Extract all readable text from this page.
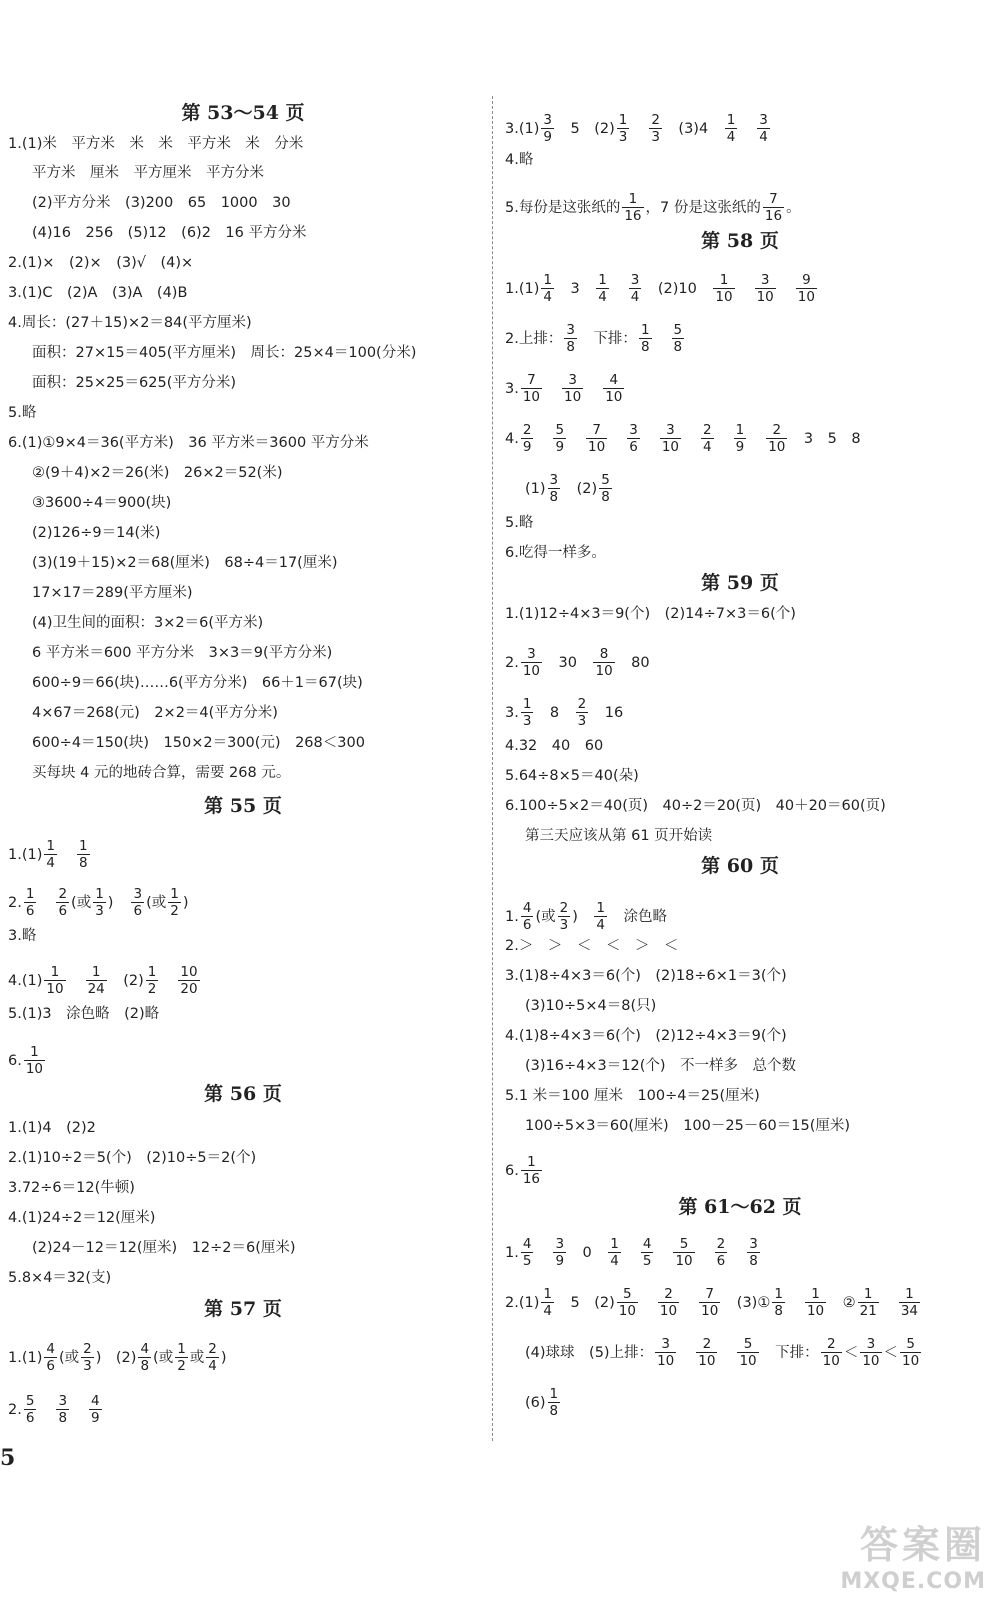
第 53～54 页
1.(1)米　平方米　米　米　平方米　米　分米
平方米　厘米　平方厘米　平方分米
(2)平方分米　(3)200　65　1000　30
(4)16　256　(5)12　(6)2　16 平方分米
2.(1)×　(2)×　(3)√　(4)×
3.(1)C　(2)A　(3)A　(4)B
4.周长：(27＋15)×2＝84(平方厘米)
面积：27×15＝405(平方厘米)　周长：25×4＝100(分米)
面积：25×25＝625(平方分米)
5.略
6.(1)①9×4＝36(平方米)　36 平方米＝3600 平方分米
②(9＋4)×2＝26(米)　26×2＝52(米)
③3600÷4＝900(块)
(2)126÷9＝14(米)
(3)(19＋15)×2＝68(厘米)　68÷4＝17(厘米)
17×17＝289(平方厘米)
(4)卫生间的面积：3×2＝6(平方米)
6 平方米＝600 平方分米　3×3＝9(平方分米)
600÷9＝66(块)……6(平方分米)　66＋1＝67(块)
4×67＝268(元)　2×2＝4(平方分米)
600÷4＝150(块)　150×2＝300(元)　268＜300
买每块 4 元的地砖合算，需要 268 元。
第 55 页
$1.(1) \frac{1}{4} \frac{1}{8}$
2. $\frac{1}{6} \frac{2}{6}$ (或 $\frac{1}{3}$ ) $\frac{3}{6}$ (或 $\frac{1}{2}$ )
3.略
$4.(1) \frac{1}{10} \frac{1}{24}$ 　$(2) \frac{1}{2} \frac{10}{20}$
5.(1)3　涂色略　(2)略
6. $\frac{1}{10}$
第 56 页
1.(1)4　(2)2
2.(1)10÷2＝5(个)　(2)10÷5＝2(个)
3.72÷6＝12(牛顿)
4.(1)24÷2＝12(厘米)
(2)24－12＝12(厘米)　12÷2＝6(厘米)
5.8×4＝32(支)
第 57 页
$1.(1) \frac{4}{6}$ (或 $\frac{2}{3}$ )　$(2) \frac{4}{8}$ (或 $\frac{1}{2}$ 或 $\frac{2}{4}$ )
2. $\frac{5}{6} \frac{3}{8} \frac{4}{9}$
$3.(1) \frac{3}{9}$ 　5　$(2) \frac{1}{3} \frac{2}{3}$ 　(3)4　 $\frac{1}{4} \frac{3}{4}$
4.略
5.每份是这张纸的 $\frac{1}{16}$ ，7 份是这张纸的 $\frac{7}{16}$ 。
第 58 页
$1.(1) \frac{1}{4}$ 　3　 $\frac{1}{4} \frac{3}{4}$ 　(2)10　 $\frac{1}{10} \frac{3}{10} \frac{9}{10}$
2.上排： $\frac{3}{8}$ 　下排： $\frac{1}{8} \frac{5}{8}$
3. $\frac{7}{10} \frac{3}{10} \frac{4}{10}$
4. $\frac{2}{9} \frac{5}{9} \frac{7}{10} \frac{3}{6} \frac{3}{10} \frac{2}{4} \frac{1}{9} \frac{2}{10}$ 　3　5　8
$(1) \frac{3}{8}$ 　$(2) \frac{5}{8}$
5.略
6.吃得一样多。
第 59 页
1.(1)12÷4×3＝9(个)　(2)14÷7×3＝6(个)
2. $\frac{3}{10}$ 　30　 $\frac{8}{10}$ 　80
3. $\frac{1}{3}$ 　8　 $\frac{2}{3}$ 　16
4.32　40　60
5.64÷8×5＝40(朵)
6.100÷5×2＝40(页)　40÷2＝20(页)　40＋20＝60(页)
第三天应该从第 61 页开始读
第 60 页
1. $\frac{4}{6}$ (或 $\frac{2}{3}$ )　 $\frac{1}{4}$ 　涂色略
2.＞　＞　＜　＜　＞　＜
3.(1)8÷4×3＝6(个)　(2)18÷6×1＝3(个)
(3)10÷5×4＝8(只)
4.(1)8÷4×3＝6(个)　(2)12÷4×3＝9(个)
(3)16÷4×3＝12(个)　不一样多　总个数
5.1 米＝100 厘米　100÷4＝25(厘米)
100÷5×3＝60(厘米)　100－25－60＝15(厘米)
6. $\frac{1}{16}$
第 61～62 页
1. $\frac{4}{5} \frac{3}{9}$ 　0　 $\frac{1}{4} \frac{4}{5} \frac{5}{10} \frac{2}{6} \frac{3}{8}$
$2.(1) \frac{1}{4}$ 　5　$(2) \frac{5}{10} \frac{2}{10} \frac{7}{10}$ 　(3)① $\frac{1}{8} \frac{1}{10}$ 　② $\frac{1}{21} \frac{1}{34}$
(4)球球　(5)上排： $\frac{3}{10} \frac{2}{10} \frac{5}{10}$ 　下排： $\frac{2}{10} < \frac{3}{10} < \frac{5}{10}$
$(6) \frac{1}{8}$
5
答案圈
MXQE.COM
